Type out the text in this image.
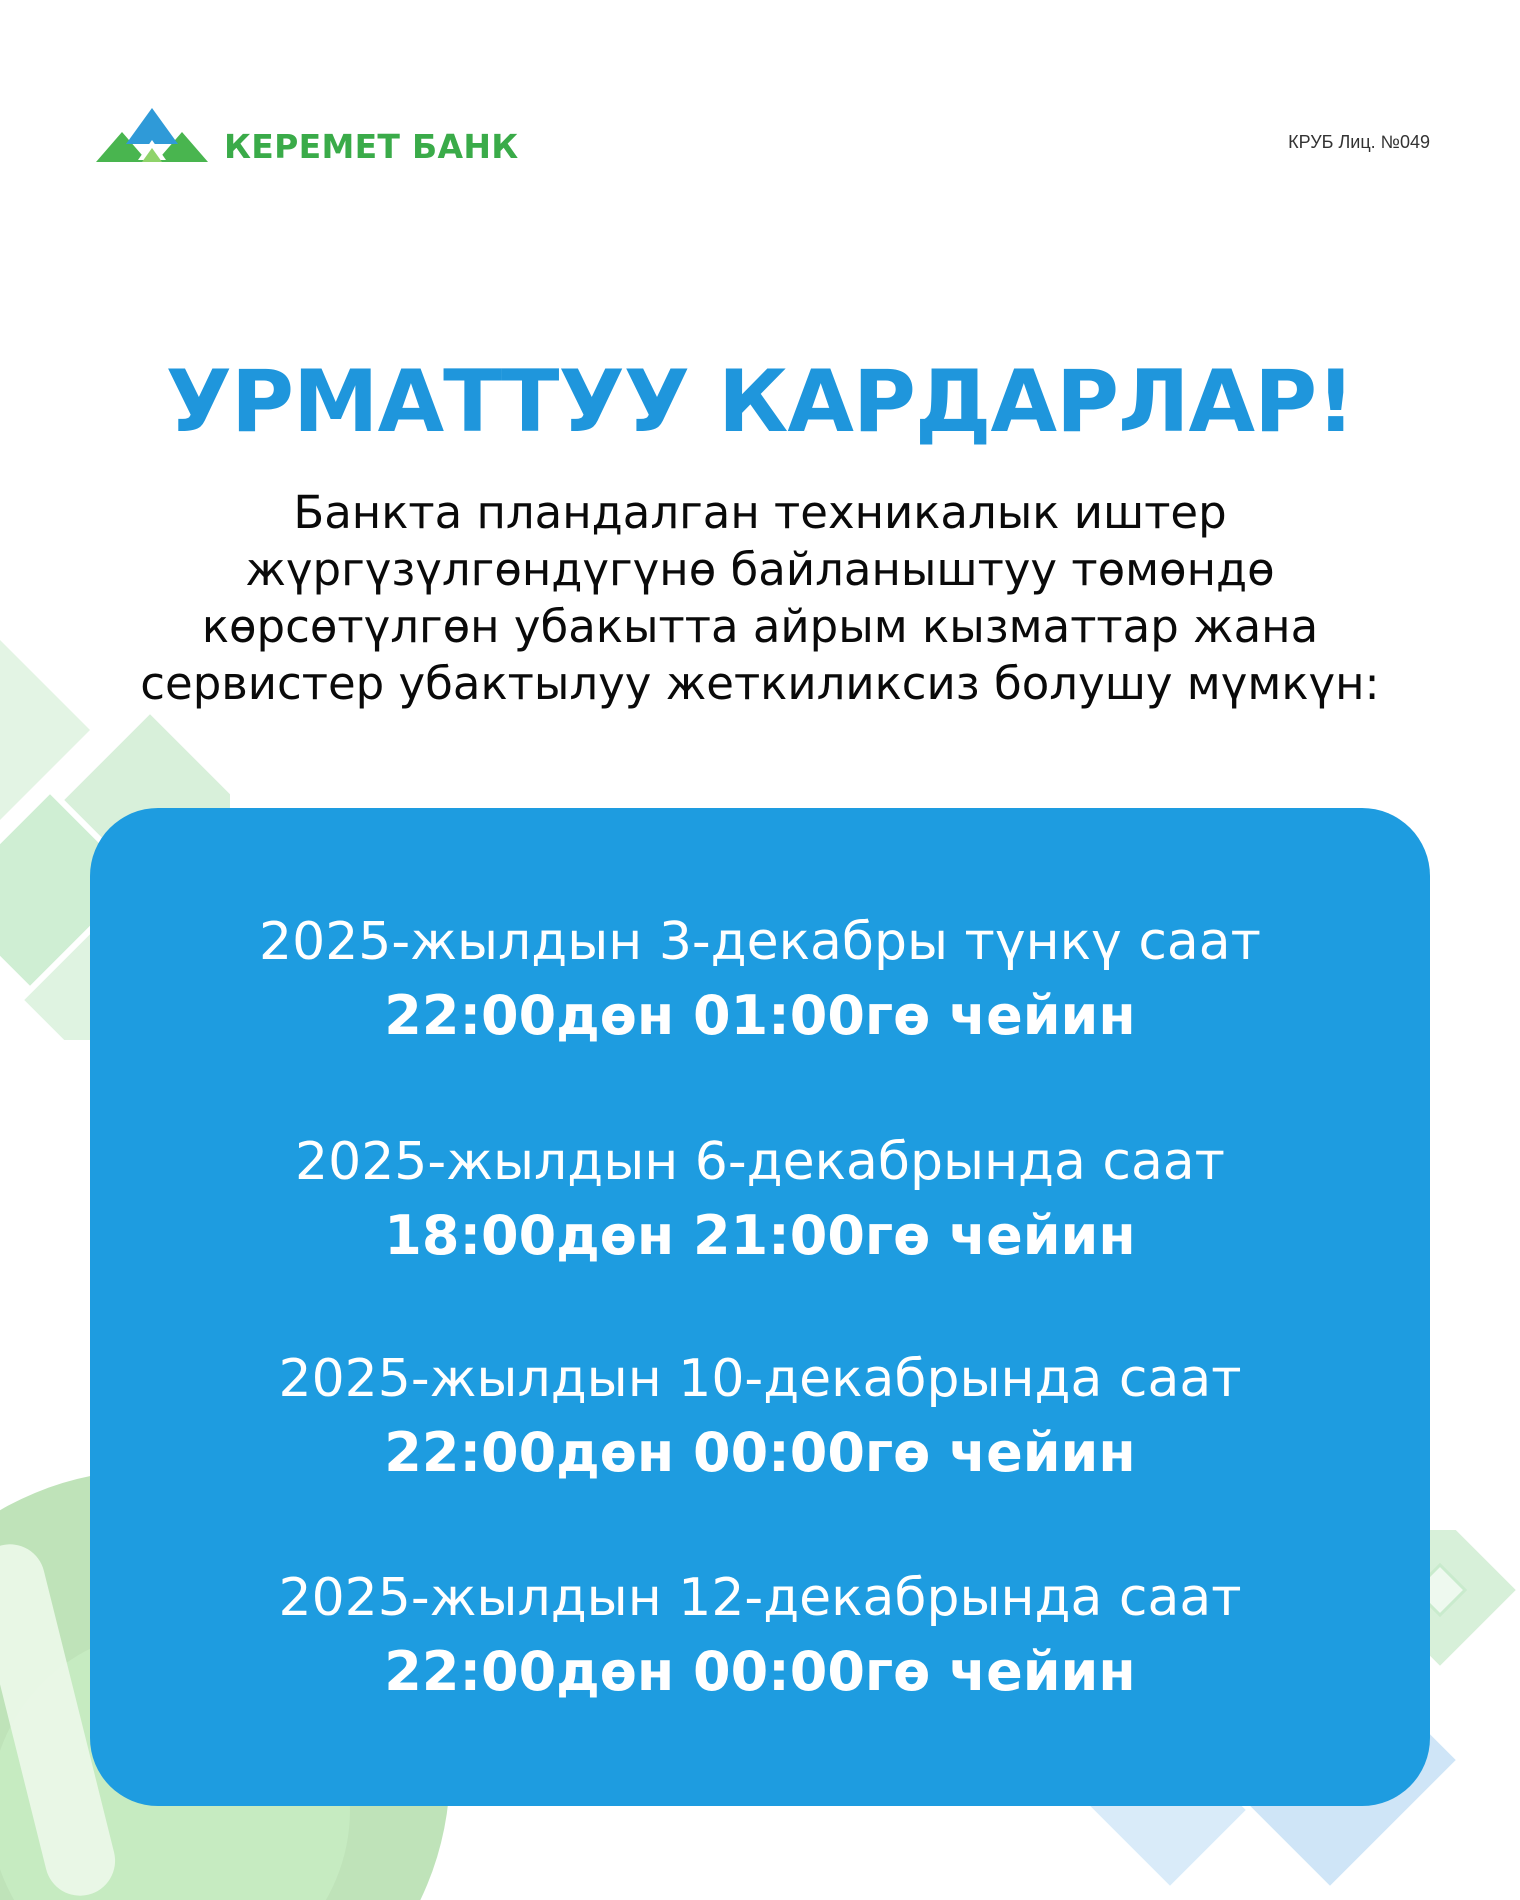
КЕРЕМЕТ БАНК	КРУБ Лиц. №049
УРМАТТУУ КАРДАРЛАР!
Банкта пландалган техникалык иштер жүргүзүлгөндүгүнө байланыштуу төмөндө көрсөтүлгөн убакытта айрым кызматтар жана сервистер убактылуу жеткиликсиз болушу мүмкүн:
2025-жылдын 3-декабры түнкү саат
22:00дөн 01:00гө чейин
2025-жылдын 6-декабрында саат
18:00дөн 21:00гө чейин
2025-жылдын 10-декабрында саат
22:00дөн 00:00гө чейин
2025-жылдын 12-декабрында саат
22:00дөн 00:00гө чейин
